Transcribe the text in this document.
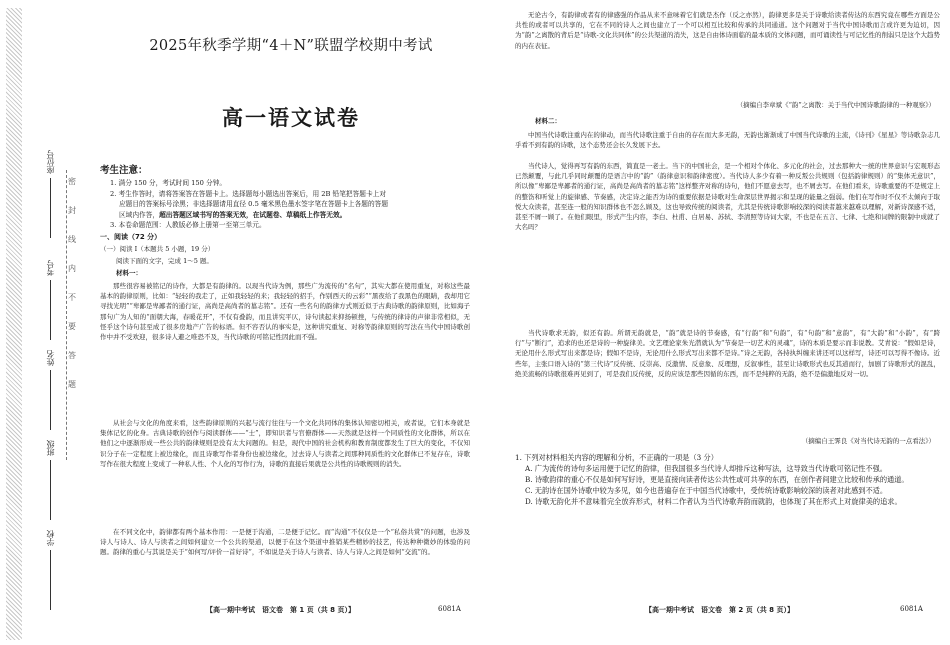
座位号
考号
姓名
班级
学校
密
封
线
内
不
要
答
题
2025年秋季学期“4＋N”联盟学校期中考试
高一语文试卷
考生注意：
1. 满分 150 分，考试时间 150 分钟。
2. 考生作答时，请将答案答在答题卡上。选择题每小题选出答案后，用 2B 铅笔把答题卡上对
应题目的答案标号涂黑；非选择题请用直径 0.5 毫米黑色墨水签字笔在答题卡上各题的答题
区域内作答，超出答题区域书写的答案无效，在试题卷、草稿纸上作答无效。
3. 本卷命题范围：人教版必修上册第一至第三单元。
一、阅读（72 分）
（一）阅读 Ⅰ（本题共 5 小题，19 分）
阅读下面的文字，完成 1～5 题。
材料一：
那些很容易被铭记的诗作，大都是有韵律的。以现当代诗为例，那些广为流传的“名句”，其实大都在使用重复，对称这些最基本的韵律原则，比如：“轻轻的我走了，正如我轻轻的来；我轻轻的招手，作别西天的云彩”“黑夜给了我黑色的眼睛，我却用它寻找光明”“卑鄙是卑鄙者的通行证，高尚是高尚者的墓志铭”。还有一些名句的韵律方式则近似于古典诗歌的韵律原则，比如海子那句广为人知的“面朝大海，春暖花开”，不仅有叠韵，而且讲究平仄，诗句读起来抑扬顿挫，与传统的律诗的声律非常相似，无怪乎这个诗句甚至成了很多房地产广告的标语。但不容否认的事实是，这种讲究重复、对称等韵律原则的写法在当代中国诗歌创作中并不受欢迎，很多诗人避之唯恐不及，当代诗歌的可铭记性因此而不强。
从社会与文化的角度来看，这些韵律原则的兴起与流行往往与一个文化共同体的集体认知密切相关，或者说，它们本身就是集体记忆的化身。古典诗歌的创作与阅读群体——“士”，即知识者与官僚群体——天然就是这样一个同质性的文化群体，所以在他们之中逐渐形成一些公共的韵律规则是没有太大问题的。但是，现代中国的社会机构和教育制度都发生了巨大的变化，不仅知识分子在一定程度上被边缘化，而且诗歌写作者身份也被边缘化，过去诗人与读者之间那种同质性的文化群体已不复存在，诗歌写作在很大程度上变成了一种私人性、个人化的写作行为，诗歌的直接后果就是公共性的诗歌规则的消失。
在不同文化中，韵律都有两个基本作用：一是便于沟通，二是便于记忆。而“沟通”不仅仅是一个“私俗共赏”的问题，也涉及诗人与诗人、诗人与读者之间如何建立一个公共的渠道，以便于在这个渠道中推销某些精妙的技艺，传达种种微妙的体验的问题。韵律的重心与其说是关于“如何写/评价一首好诗”，不如说是关于诗人与读者、诗人与诗人之间是如何“交流”的。
【高一期中考试　语文卷　第 1 页（共 8 页）】	6081A
无论古今，有韵律或者有的律感强的作品从来不意味着它们就是杰作（反之亦然），韵律更多是关于诗歌给读者传达的东西究竟在哪些方面是公共性的或者可以共享的，它在不同的诗人之间也建立了一个可以相互比较和传承的共同通道。这个问题对于当代中国诗歌而言或许更为迫切，因为“韵”之离散的背后是“诗歌-文化共同体”的公共渠道的消失，这是自由体诗面临的最本质的文体问题，而可诵读性与可记忆性的削弱只是这个大趋势的内在表征。
（摘编自李章斌《“韵”之离散：关于当代中国诗歌韵律的一种观察》）
材料二：
中国当代诗歌注重内在的律动，而当代诗歌注重于自由的存在而大多无韵，无韵也渐渐成了中国当代诗歌的主流，《诗刊》《星星》等诗歌杂志几乎看不到有韵的诗歌，这个态势还会长久发展下去。
当代诗人，觉得再写有韵的东西，简直是一老土。当下的中国社会，是一个相对个体化、多元化的社会，过去那种大一统的世界意识与宏观形态已然颠覆，与此几乎同时颠覆的是语言中的“韵”（韵律意识和韵律密度）。当代诗人多少有着一种反叛公共规则（包括韵律规则）的“集体无意识”，所以像“卑鄙是卑鄙者的通行证，高尚是高尚者的墓志铭”这样整齐对称的诗句，他们不愿意去写，也不屑去写。在他们看来，诗歌重要的不是规定上的整饬和听觉上的旋律感、节奏感，决定诗之能否为诗的重要依据是诗歌对生命深层世界揭示和呈现的能量之强弱。他们在写作时不仅不太倾向于取悦大众读者，甚至连一般的知识群体也不怎么顾及，这也导致传统的阅读者，尤其是传统诗歌影响较深的阅读者越来越难以理解，对新诗深感不适，甚至不屑一顾了。在他们眼里，形式产生内容，李白、杜甫、白居易、苏轼、李清照等诗词大家，不也是在五言、七律、七绝和词牌的限制中成就了大名吗？
当代诗歌求无韵，似还有韵。所谓无韵就是，“韵”就是诗的节奏感，有“行韵”和“句韵”，有“句韵”和“意韵”，有“大韵”和“小韵”，有“跨行”与“断行”，追求的也还是诗的一种旋律美。文艺理论家朱光潜就认为“节奏是一切艺术的灵魂”，诗的本质是要示而非说教。艾青说：“假如是诗，无论用什么形式写出来都是诗；假如不是诗，无论用什么形式写出来都不是诗。”诗之无韵，各持执纠缠来讲还可以这样写，诗还可以写得不像诗。近些年，主张口语入诗的“第三代诗”反传统、反崇高、反激情、反意象、反理想，反叙事性，甚至让诗歌形式也反其道而行，加剧了诗歌形式的混乱，绝美流畅的诗歌很难再见到了，可是我们反传统，反的应该是那些因循的东西，而不是纯粹的无韵，绝不是偏激地反对一切。
（摘编自王霁良《对当代诗无韵的一点看法》）
1. 下列对材料相关内容的理解和分析，不正确的一项是（3 分）
A. 广为流传的诗句多运用便于记忆的韵律，但我国很多当代诗人却排斥这种写法，这导致当代诗歌可铭记性不强。
B. 诗歌韵律的重心不仅是如何写好诗，更是直接向读者传达公共性或可共享的东西，在创作者间建立比较和传承的通道。
C. 无韵诗在国外诗歌中较为多见，如今也普遍存在于中国当代诗歌中，受传统诗歌影响较深的读者对此感到不适。
D. 诗歌无韵化并不意味着完全放弃形式，材料二作者认为当代诗歌奔韵而就韵，也体现了其在形式上对旋律美的追求。
【高一期中考试　语文卷　第 2 页（共 8 页）】	6081A
